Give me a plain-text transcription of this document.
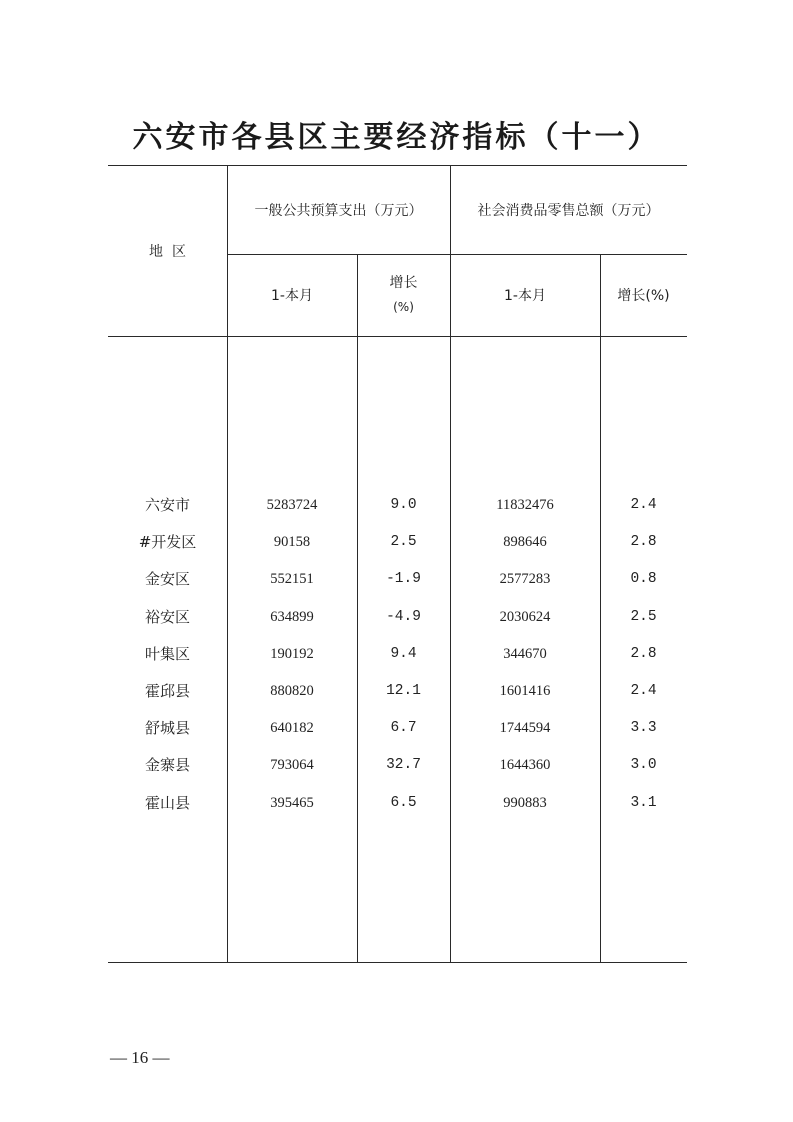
六安市各县区主要经济指标（十一）
地  区
一般公共预算支出（万元）	社会消费品零售总额（万元）
1-本月
增长
(%)
1-本月	增长(%)
六安市	5283724	9.0	11832476	2.4
#开发区	90158	2.5	898646	2.8
金安区	552151	-1.9	2577283	0.8
裕安区	634899	-4.9	2030624	2.5
叶集区	190192	9.4	344670	2.8
霍邱县	880820	12.1	1601416	2.4
舒城县	640182	6.7	1744594	3.3
金寨县	793064	32.7	1644360	3.0
霍山县	395465	6.5	990883	3.1
— 16 —
